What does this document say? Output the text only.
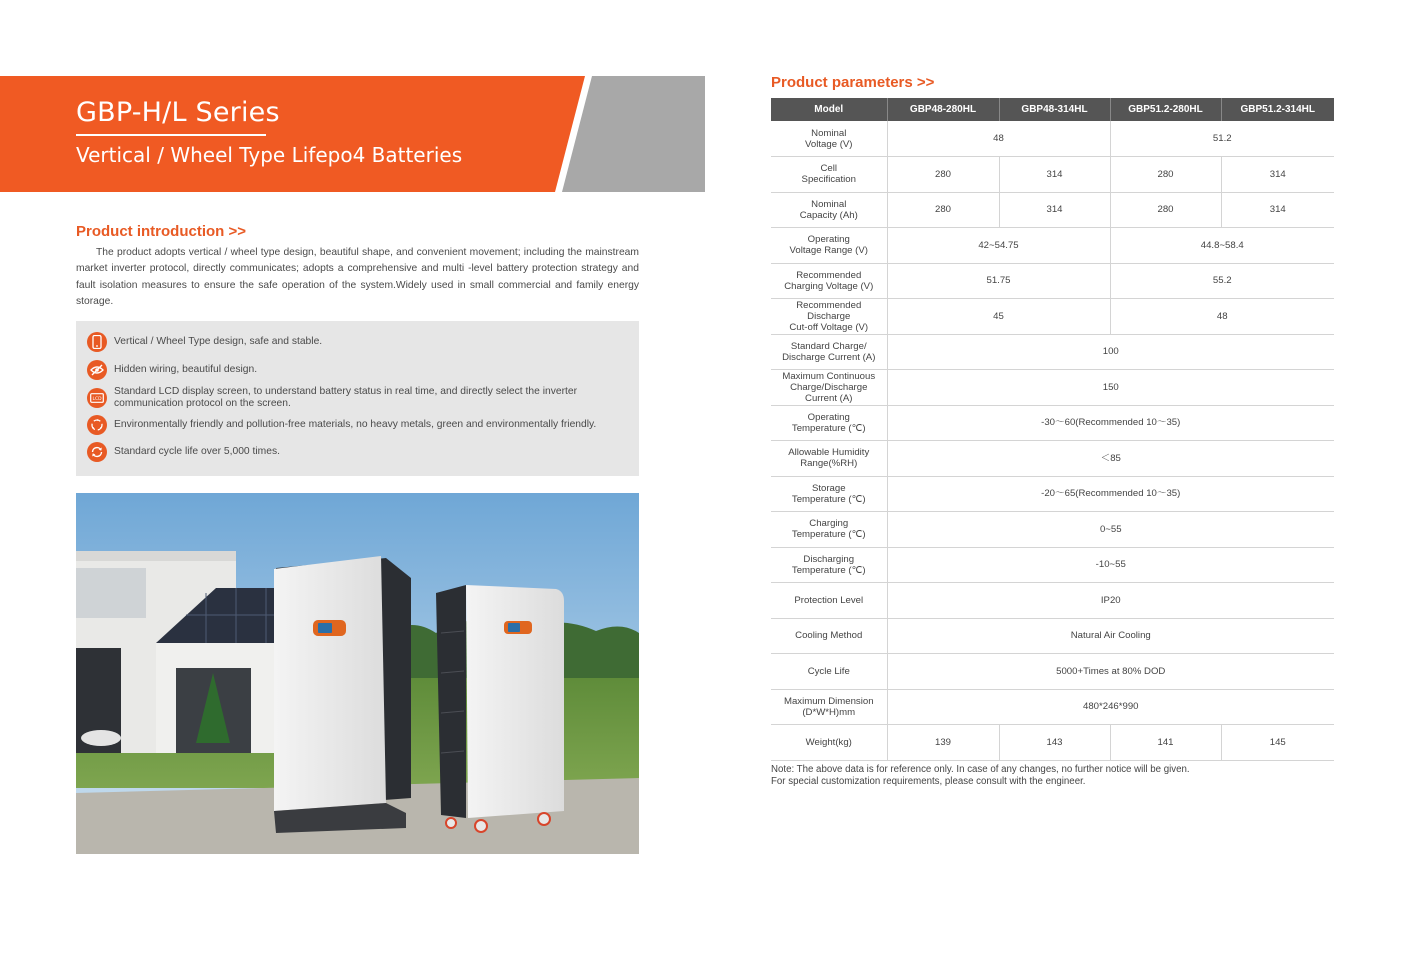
GBP-H/L Series
Vertical / Wheel Type Lifepo4 Batteries
Product introduction >>
The product adopts vertical / wheel type design, beautiful shape, and convenient movement; including the mainstream market inverter protocol, directly communicates; adopts a comprehensive and multi -level battery protection strategy and fault isolation measures to ensure the safe operation of the system.Widely used in small commercial and family energy storage.
Vertical / Wheel Type design, safe and stable.
Hidden wiring, beautiful design.
LCD
Standard LCD display screen, to understand battery status in real time, and directly select the inverter communication protocol on the screen.
Environmentally friendly and pollution-free materials, no heavy metals, green and environmentally friendly.
Standard cycle life over 5,000 times.
Product parameters >>
Model	GBP48-280HL	GBP48-314HL	GBP51.2-280HL	GBP51.2-314HL
Nominal
Voltage (V)	48		51.2	
Cell
Specification	280	314	280	314
Nominal
Capacity (Ah)	280	314	280	314
Operating
Voltage Range (V)	42~54.75		44.8~58.4	
Recommended
Charging Voltage (V)	51.75		55.2	
Recommended
Discharge
Cut-off Voltage (V)	45		48	
Standard Charge/
Discharge Current (A)	100			
Maximum Continuous
Charge/Discharge
Current (A)	150			
Operating
Temperature (℃)	-30～60(Recommended 10～35)			
Allowable Humidity
Range(%RH)	＜85			
Storage
Temperature (℃)	-20～65(Recommended 10～35)			
Charging
Temperature (℃)	0~55			
Discharging
Temperature (℃)	-10~55			
Protection Level	IP20			
Cooling Method	Natural Air Cooling			
Cycle Life	5000+Times at 80% DOD			
Maximum Dimension
(D*W*H)mm	480*246*990			
Weight(kg)	139	143	141	145
Note: The above data is for reference only. In case of any changes, no further notice will be given.
For special customization requirements, please consult with the engineer.
